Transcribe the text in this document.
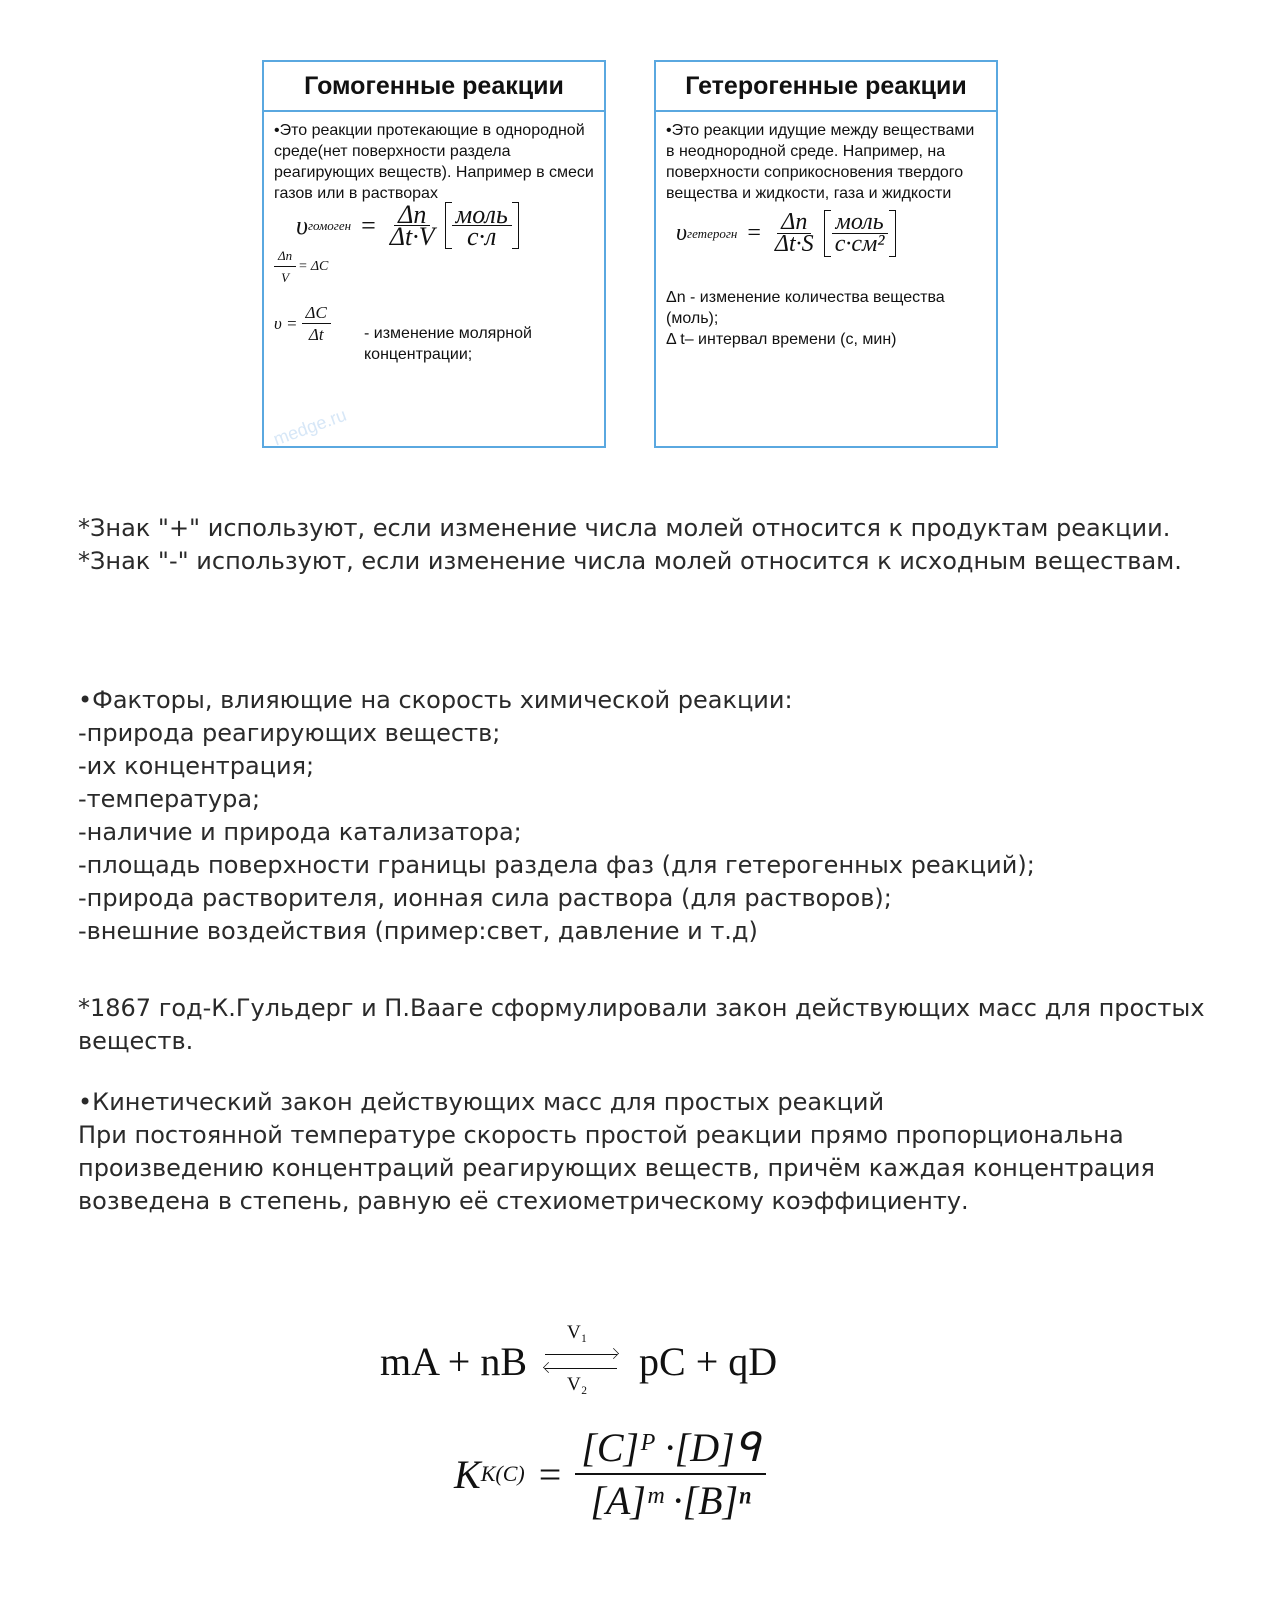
Гомогенные реакции

•Это реакции протекающие в однородной среде(нет поверхности раздела реагирующих веществ). Например в смеси газов или в растворах

υ гомоген = $\frac{\Delta n}{\Delta t\cdot V} \frac{\text{моль}}{с\cdot л}$
$\frac{\Delta n}{V} = \Delta C$
$\upsilon = \frac{\Delta C}{\Delta t}$	- изменение молярной концентрации;

medge.ru
Гетерогенные реакции

•Это реакции идущие между веществами в неоднородной среде. Например, на поверхности соприкосновения твердого вещества и жидкости, газа и жидкости

υ гетерогн = $\frac{\Delta n}{\Delta t\cdot S} \frac{\text{моль}}{\text{с·см²}}$

Δn - изменение количества вещества (моль);

Δ t– интервал времени (с, мин)

*Знак "+" используют, если изменение числа молей относится к продуктам реакции.

*Знак "-" используют, если изменение числа молей относится к исходным веществам.

•Факторы, влияющие на скорость химической реакции:

-природа реагирующих веществ;

-их концентрация;

-температура;

-наличие и природа катализатора;

-площадь поверхности границы раздела фаз (для гетерогенных реакций);

-природа растворителя, ионная сила раствора (для растворов);

-внешние воздействия (пример:свет, давление и т.д)

*1867 год-К.Гульдерг и П.Вааге сформулировали закон действующих масс для простых веществ.

•Кинетический закон действующих масс для простых реакций

При постоянной температуре скорость простой реакции прямо пропорциональна произведению концентраций реагирующих веществ, причём каждая концентрация возведена в степень, равную её стехиометрическому коэффициенту.

mA + nB
V₁
V₂
pC + qD
K $K(C) = \frac{\text{[C]ᴾ ·[D]ᑫ}}{\text{[A]ᵐ ·[B]ⁿ}}$
